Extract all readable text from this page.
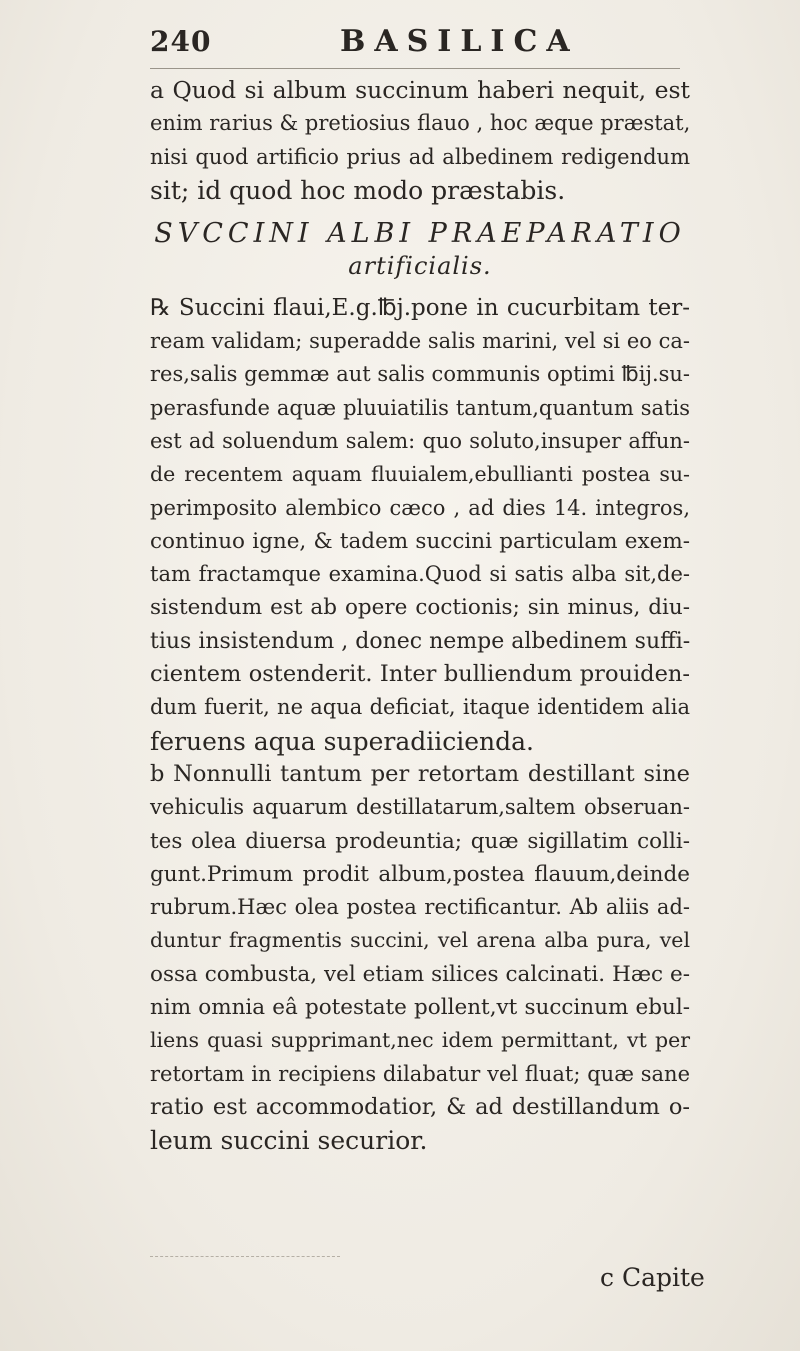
240	BASILICA
a Quod si album succinum haberi nequit, est
enim rarius & pretiosius flauo , hoc æque præstat,
nisi quod artificio prius ad albedinem redigendum
sit; id quod hoc modo præstabis.
SVCCINI ALBI PRAEPARATIO
artificialis.
℞ Succini flaui,E.g.℔j.pone in cucurbitam ter-
ream validam; superadde salis marini, vel si eo ca-
res,salis gemmæ aut salis communis optimi ℔ij.su-
perasfunde aquæ pluuiatilis tantum,quantum satis
est ad soluendum salem: quo soluto,insuper affun-
de recentem aquam fluuialem,ebullianti postea su-
perimposito alembico cæco , ad dies 14. integros,
continuo igne, & tadem succini particulam exem-
tam fractamque examina.Quod si satis alba sit,de-
sistendum est ab opere coctionis; sin minus, diu-
tius insistendum , donec nempe albedinem suffi-
cientem ostenderit. Inter bulliendum prouiden-
dum fuerit, ne aqua deficiat, itaque identidem alia
feruens aqua superadiicienda.
b Nonnulli tantum per retortam destillant sine
vehiculis aquarum destillatarum,saltem obseruan-
tes olea diuersa prodeuntia; quæ sigillatim colli-
gunt.Primum prodit album,postea flauum,deinde
rubrum.Hæc olea postea rectificantur. Ab aliis ad-
duntur fragmentis succini, vel arena alba pura, vel
ossa combusta, vel etiam silices calcinati. Hæc e-
nim omnia eâ potestate pollent,vt succinum ebul-
liens quasi supprimant,nec idem permittant, vt per
retortam in recipiens dilabatur vel fluat; quæ sane
ratio est accommodatior, & ad destillandum o-
leum succini securior.
c Capite
